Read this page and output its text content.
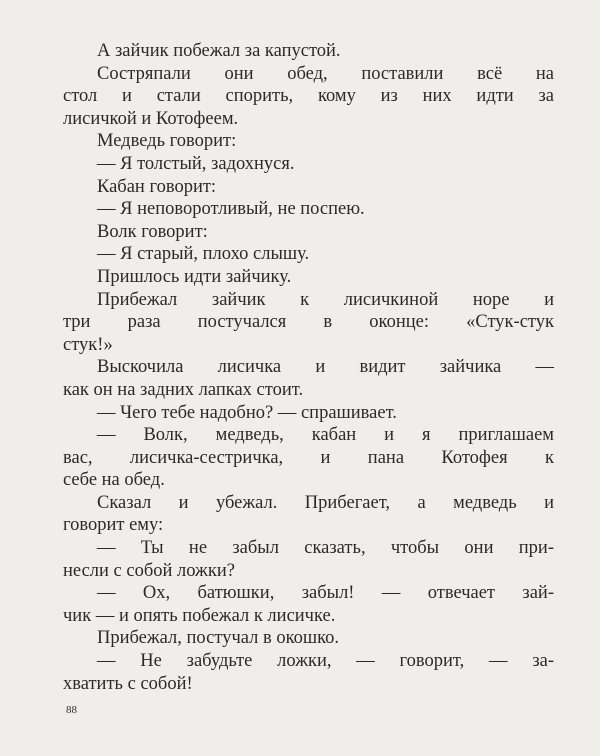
А зайчик побежал за капустой.
Состряпали они обед, поставили всё на
стол и стали спорить, кому из них идти за
лисичкой и Котофеем.
Медведь говорит:
— Я толстый, задохнуся.
Кабан говорит:
— Я неповоротливый, не поспею.
Волк говорит:
— Я старый, плохо слышу.
Пришлось идти зайчику.
Прибежал зайчик к лисичкиной норе и
три раза постучался в оконце: «Стук-стук
стук!»
Выскочила лисичка и видит зайчика —
как он на задних лапках стоит.
— Чего тебе надобно? — спрашивает.
— Волк, медведь, кабан и я приглашаем
вас, лисичка-сестричка, и пана Котофея к
себе на обед.
Сказал и убежал. Прибегает, а медведь и
говорит ему:
— Ты не забыл сказать, чтобы они при-
несли с собой ложки?
— Ох, батюшки, забыл! — отвечает зай-
чик — и опять побежал к лисичке.
Прибежал, постучал в окошко.
— Не забудьте ложки, — говорит, — за-
хватить с собой!
88
